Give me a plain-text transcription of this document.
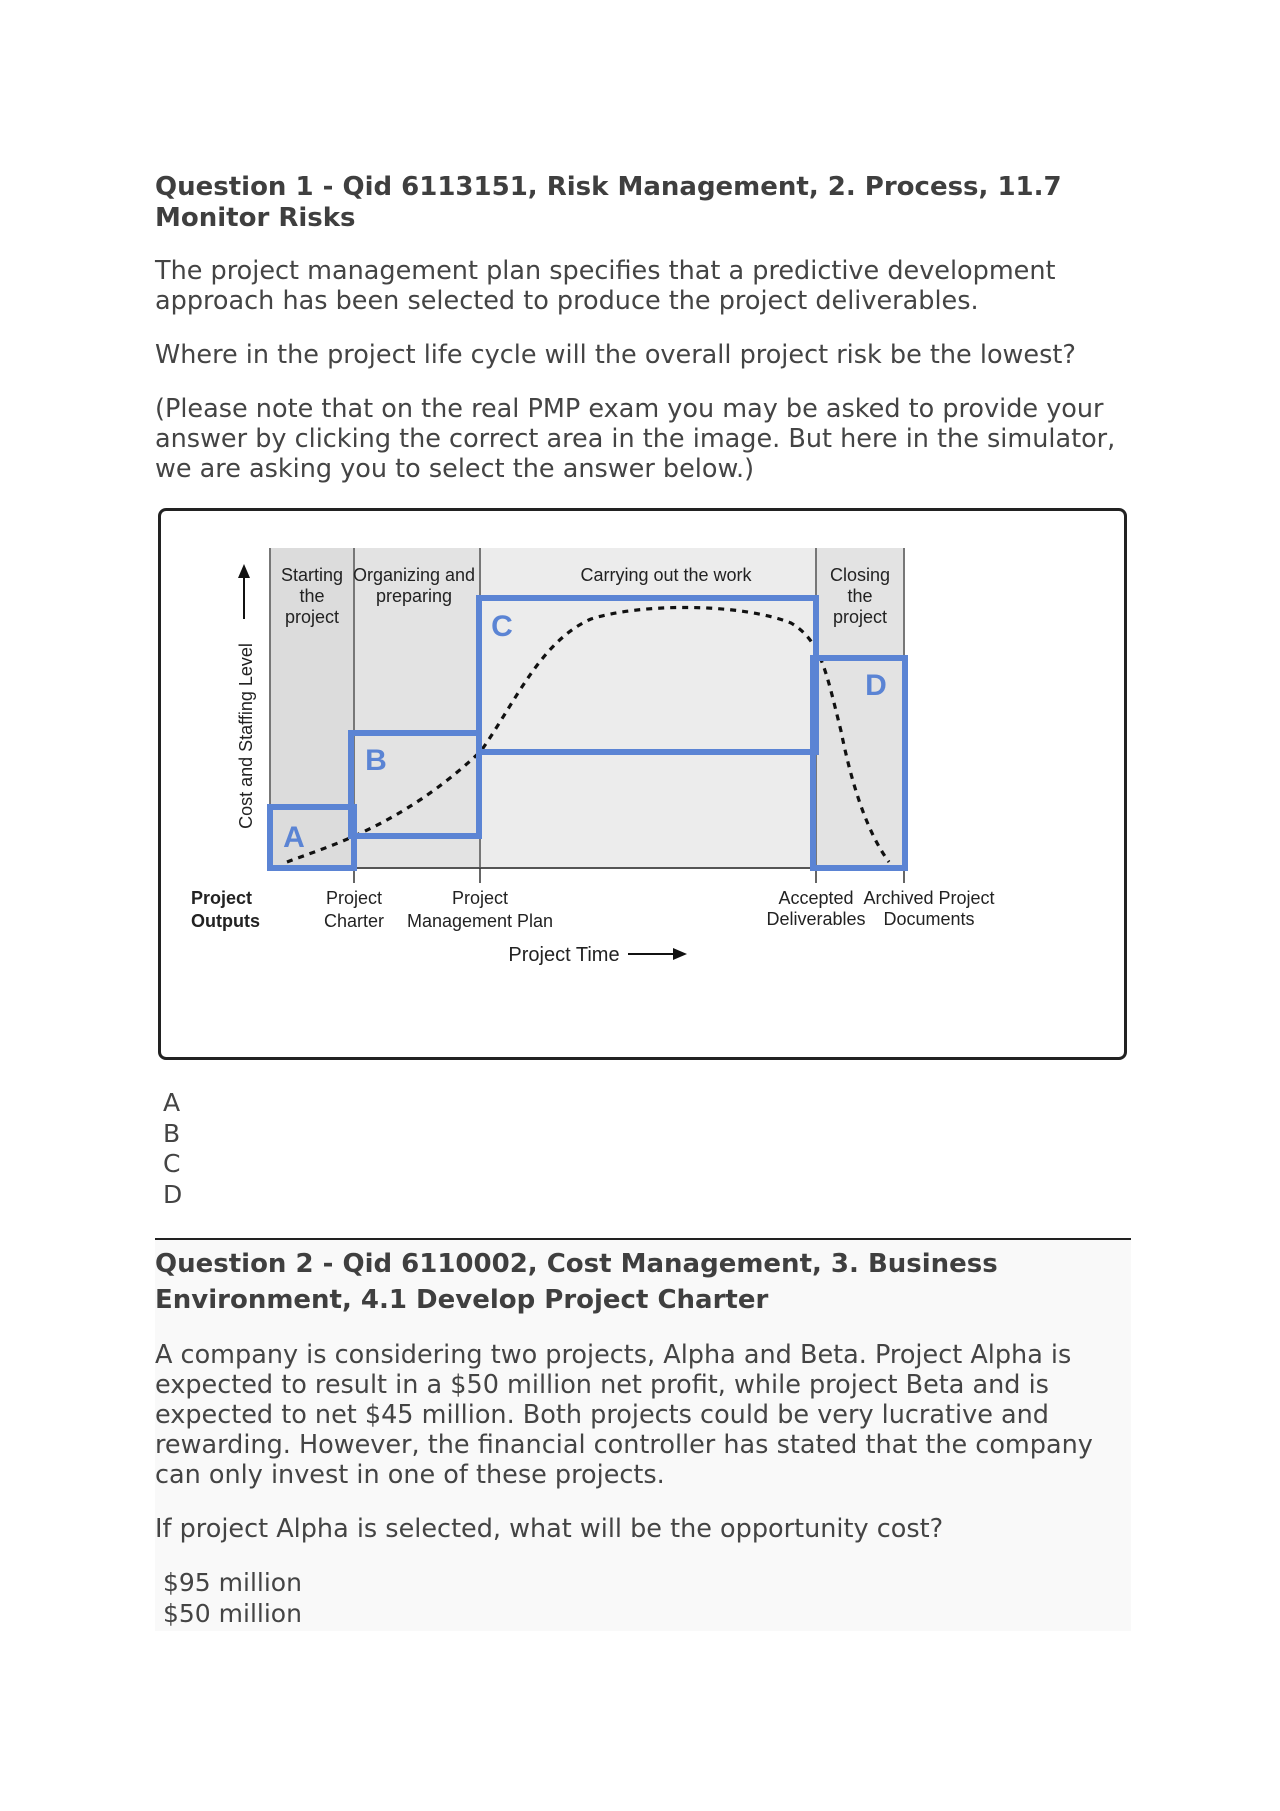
Question 1 - Qid 6113151, Risk Management, 2. Process, 11.7 Monitor Risks

The project management plan specifies that a predictive development approach has been selected to produce the project deliverables.

Where in the project life cycle will the overall project risk be the lowest?

(Please note that on the real PMP exam you may be asked to provide your answer by clicking the correct area in the image. But here in the simulator, we are asking you to select the answer below.)

Starting
the
project
Organizing and
preparing
Carrying out the work	Closing
the
project
Cost and Staffing Level
A
B
C
D
Project
Outputs
Project
Charter
Project
Management Plan
Accepted
Deliverables
Archived Project
Documents
Project Time
A
B
C
D
Question 2 - Qid 6110002, Cost Management, 3. Business Environment, 4.1 Develop Project Charter

A company is considering two projects, Alpha and Beta. Project Alpha is expected to result in a $50 million net profit, while project Beta and is expected to net $45 million. Both projects could be very lucrative and rewarding. However, the financial controller has stated that the company can only invest in one of these projects.

If project Alpha is selected, what will be the opportunity cost?

$95 million
$50 million
